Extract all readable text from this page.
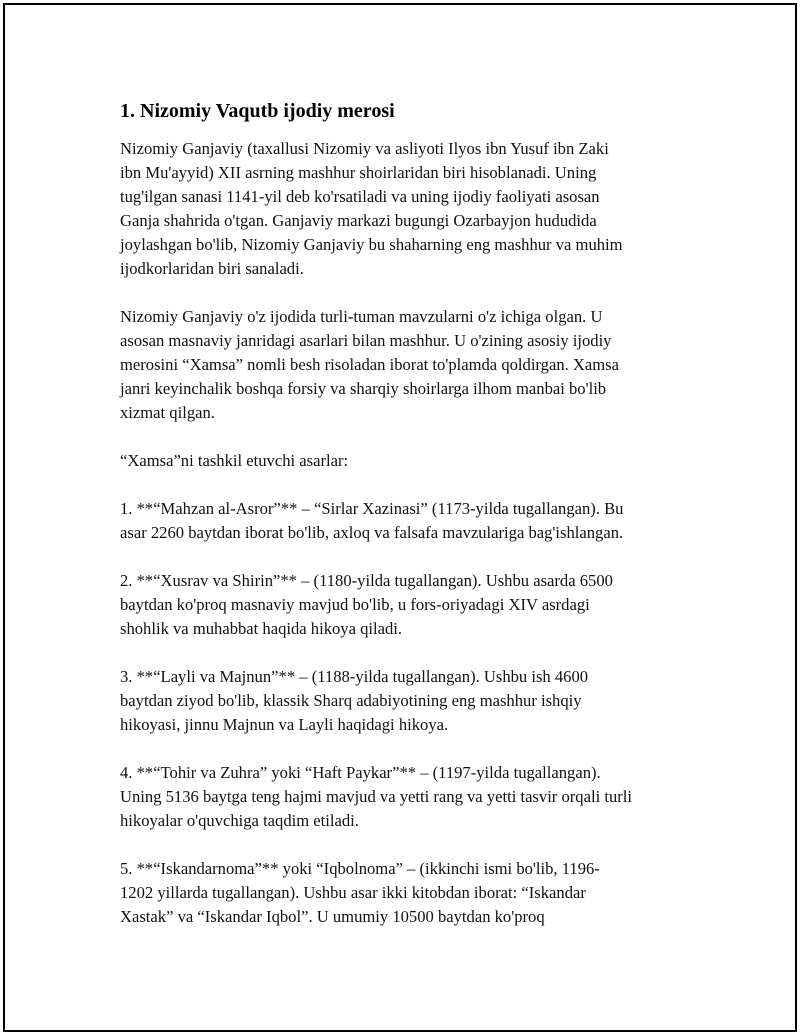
1. Nizomiy Vaqutb ijodiy merosi

Nizomiy Ganjaviy (taxallusi Nizomiy va asliyoti Ilyos ibn Yusuf ibn Zaki
ibn Mu'ayyid) XII asrning mashhur shoirlaridan biri hisoblanadi. Uning
tug'ilgan sanasi 1141-yil deb ko'rsatiladi va uning ijodiy faoliyati asosan
Ganja shahrida o'tgan. Ganjaviy markazi bugungi Ozarbayjon hududida
joylashgan bo'lib, Nizomiy Ganjaviy bu shaharning eng mashhur va muhim
ijodkorlaridan biri sanaladi.

Nizomiy Ganjaviy o'z ijodida turli-tuman mavzularni o'z ichiga olgan. U
asosan masnaviy janridagi asarlari bilan mashhur. U o'zining asosiy ijodiy
merosini “Xamsa” nomli besh risoladan iborat to'plamda qoldirgan. Xamsa
janri keyinchalik boshqa forsiy va sharqiy shoirlarga ilhom manbai bo'lib
xizmat qilgan.

“Xamsa”ni tashkil etuvchi asarlar:

1. **“Mahzan al-Asror”** – “Sirlar Xazinasi” (1173-yilda tugallangan). Bu
asar 2260 baytdan iborat bo'lib, axloq va falsafa mavzulariga bag'ishlangan.

2. **“Xusrav va Shirin”** – (1180-yilda tugallangan). Ushbu asarda 6500
baytdan ko'proq masnaviy mavjud bo'lib, u fors-oriyadagi XIV asrdagi
shohlik va muhabbat haqida hikoya qiladi.

3. **“Layli va Majnun”** – (1188-yilda tugallangan). Ushbu ish 4600
baytdan ziyod bo'lib, klassik Sharq adabiyotining eng mashhur ishqiy
hikoyasi, jinnu Majnun va Layli haqidagi hikoya.

4. **“Tohir va Zuhra” yoki “Haft Paykar”** – (1197-yilda tugallangan).
Uning 5136 baytga teng hajmi mavjud va yetti rang va yetti tasvir orqali turli
hikoyalar o'quvchiga taqdim etiladi.

5. **“Iskandarnoma”** yoki “Iqbolnoma” – (ikkinchi ismi bo'lib, 1196-
1202 yillarda tugallangan). Ushbu asar ikki kitobdan iborat: “Iskandar
Xastak” va “Iskandar Iqbol”. U umumiy 10500 baytdan ko'proq
